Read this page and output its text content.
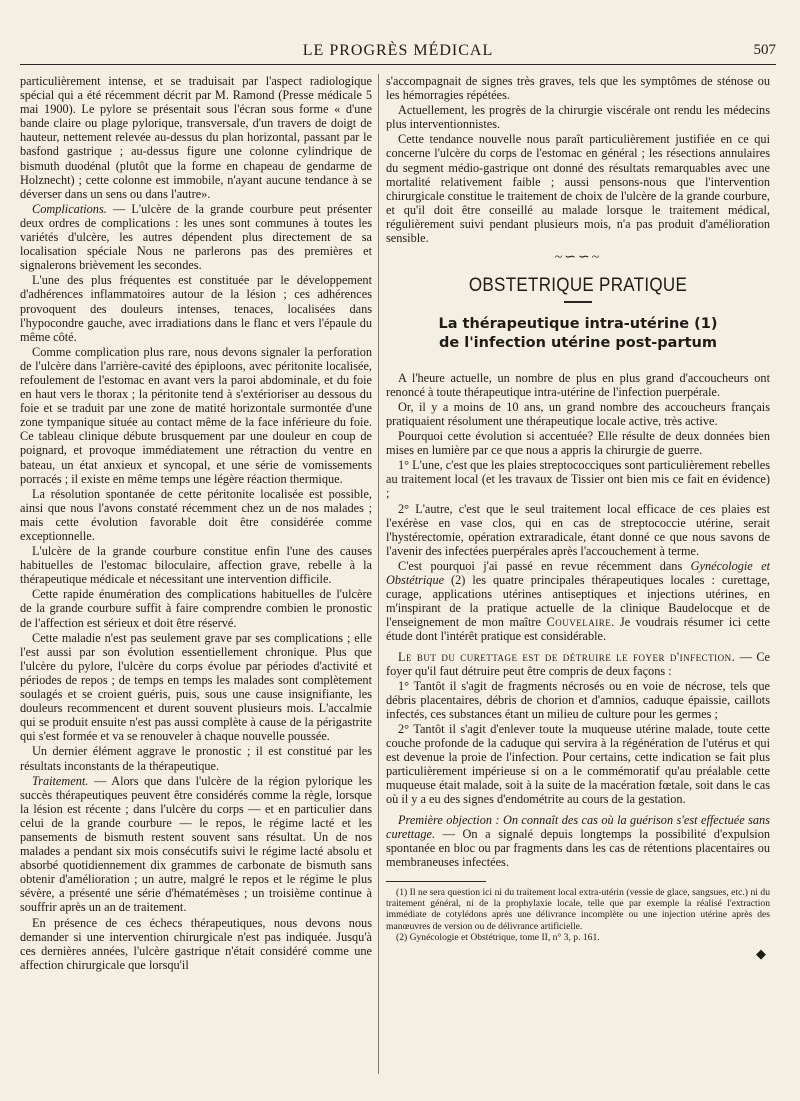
LE PROGRÈS MÉDICAL	507

particulièrement intense, et se traduisait par l'aspect radiologique spécial qui a été récemment décrit par M. Ramond (Presse médicale 5 mai 1900). Le pylore se présentait sous l'écran sous forme « d'une bande claire ou plage pylorique, transversale, d'un travers de doigt de hauteur, nettement relevée au-dessus du plan horizontal, passant par le basfond gastrique ; au-dessus figure une colonne cylindrique de bismuth duodénal (plutôt que la forme en chapeau de gendarme de Holznecht) ; cette colonne est immobile, n'ayant aucune tendance à se déverser dans un sens ou dans l'autre».

Complications. — L'ulcère de la grande courbure peut présenter deux ordres de complications : les unes sont communes à toutes les variétés d'ulcère, les autres dépendent plus directement de sa localisation spéciale Nous ne parlerons pas des premières et signalerons brièvement les secondes.

L'une des plus fréquentes est constituée par le développement d'adhérences inflammatoires autour de la lésion ; ces adhérences provoquent des douleurs intenses, tenaces, localisées dans l'hypocondre gauche, avec irradiations dans le flanc et vers l'épaule du même côté.

Comme complication plus rare, nous devons signaler la perforation de l'ulcère dans l'arrière-cavité des épiploons, avec péritonite localisée, refoulement de l'estomac en avant vers la paroi abdominale, et du foie en haut vers le thorax ; la péritonite tend à s'extérioriser au dessous du foie et se traduit par une zone de matité horizontale surmontée d'une zone tympanique située au contact même de la face inférieure du foie. Ce tableau clinique débute brusquement par une douleur en coup de poignard, et provoque immédiatement une rétraction du ventre en bateau, un état anxieux et syncopal, et une série de vomissements porracés ; il existe en même temps une légère réaction thermique.

La résolution spontanée de cette péritonite localisée est possible, ainsi que nous l'avons constaté récemment chez un de nos malades ; mais cette évolution favorable doit être considérée comme exceptionnelle.

L'ulcère de la grande courbure constitue enfin l'une des causes habituelles de l'estomac biloculaire, affection grave, rebelle à la thérapeutique médicale et nécessitant une intervention difficile.

Cette rapide énumération des complications habituelles de l'ulcère de la grande courbure suffit à faire comprendre combien le pronostic de l'affection est sérieux et doit être réservé.

Cette maladie n'est pas seulement grave par ses complications ; elle l'est aussi par son évolution essentiellement chronique. Plus que l'ulcère du pylore, l'ulcère du corps évolue par périodes d'activité et périodes de repos ; de temps en temps les malades sont complètement soulagés et se croient guéris, puis, sous une cause insignifiante, les douleurs recommencent et durent souvent plusieurs mois. L'accalmie qui se produit ensuite n'est pas aussi complète à cause de la périgastrite qui s'est formée et va se renouveler à chaque nouvelle poussée.

Un dernier élément aggrave le pronostic ; il est constitué par les résultats inconstants de la thérapeutique.

Traitement. — Alors que dans l'ulcère de la région pylorique les succès thérapeutiques peuvent être considérés comme la règle, lorsque la lésion est récente ; dans l'ulcère du corps — et en particulier dans celui de la grande courbure — le repos, le régime lacté et les pansements de bismuth restent souvent sans résultat. Un de nos malades a pendant six mois consécutifs suivi le régime lacté absolu et absorbé quotidiennement dix grammes de carbonate de bismuth sans obtenir d'amélioration ; un autre, malgré le repos et le régime le plus sévère, a présenté une série d'hématémèses ; un troisième continue à souffrir après un an de traitement.

En présence de ces échecs thérapeutiques, nous devons nous demander si une intervention chirurgicale n'est pas indiquée. Jusqu'à ces dernières années, l'ulcère gastrique n'était considéré comme une affection chirurgicale que lorsqu'il

s'accompagnait de signes très graves, tels que les symptômes de sténose ou les hémorragies répétées.

Actuellement, les progrès de la chirurgie viscérale ont rendu les médecins plus interventionnistes.

Cette tendance nouvelle nous paraît particulièrement justifiée en ce qui concerne l'ulcère du corps de l'estomac en général ; les résections annulaires du segment médio-gastrique ont donné des résultats remarquables avec une mortalité relativement faible ; aussi pensons-nous que l'intervention chirurgicale constitue le traitement de choix de l'ulcère de la grande courbure, et qu'il doit être conseillé au malade lorsque le traitement médical, régulièrement suivi pendant plusieurs mois, n'a pas produit d'amélioration sensible.

~∽∽~
OBSTETRIQUE PRATIQUE
La thérapeutique intra-utérine (1)
de l'infection utérine post-partum

A l'heure actuelle, un nombre de plus en plus grand d'accoucheurs ont renoncé à toute thérapeutique intra-utérine de l'infection puerpérale.

Or, il y a moins de 10 ans, un grand nombre des accoucheurs français pratiquaient résolument une thérapeutique locale active, très active.

Pourquoi cette évolution si accentuée? Elle résulte de deux données bien mises en lumière par ce que nous a appris la chirurgie de guerre.

1° L'une, c'est que les plaies streptococciques sont particulièrement rebelles au traitement local (et les travaux de Tissier ont bien mis ce fait en évidence) ;

2° L'autre, c'est que le seul traitement local efficace de ces plaies est l'exérèse en vase clos, qui en cas de streptococcie utérine, serait l'hystérectomie, opération extraradicale, étant donné ce que nous savons de l'avenir des infectées puerpérales après l'accouchement à terme.

C'est pourquoi j'ai passé en revue récemment dans Gynécologie et Obstétrique (2) les quatre principales thérapeutiques locales : curettage, curage, applications utérines antiseptiques et injections utérines, en m'inspirant de la pratique actuelle de la clinique Baudelocque et de l'enseignement de mon maître Couvelaire. Je voudrais résumer ici cette étude dont l'intérêt pratique est considérable.

Le but du curettage est de détruire le foyer d'infection. — Ce foyer qu'il faut détruire peut être compris de deux façons :

1° Tantôt il s'agit de fragments nécrosés ou en voie de nécrose, tels que débris placentaires, débris de chorion et d'amnios, caduque épaissie, caillots infectés, ces substances étant un milieu de culture pour les germes ;

2° Tantôt il s'agit d'enlever toute la muqueuse utérine malade, toute cette couche profonde de la caduque qui servira à la régénération de l'utérus et qui est devenue la proie de l'infection. Pour certains, cette indication se fait plus particulièrement impérieuse si on a le commémoratif qu'au préalable cette muqueuse était malade, soit à la suite de la macération fœtale, soit dans le cas où il y a eu des signes d'endométrite au cours de la gestation.

Première objection : On connaît des cas où la guérison s'est effectuée sans curettage. — On a signalé depuis longtemps la possibilité d'expulsion spontanée en bloc ou par fragments dans les cas de rétentions placentaires ou membraneuses infectées.

(1) Il ne sera question ici ni du traitement local extra-utérin (vessie de glace, sangsues, etc.) ni du traitement général, ni de la prophylaxie locale, telle que par exemple la réalisé l'extraction immédiate de cotylédons après une délivrance incomplète ou une injection utérine après des manœuvres de version ou de délivrance artificielle.

(2) Gynécologie et Obstétrique, tome II, n° 3, p. 161.

◆
